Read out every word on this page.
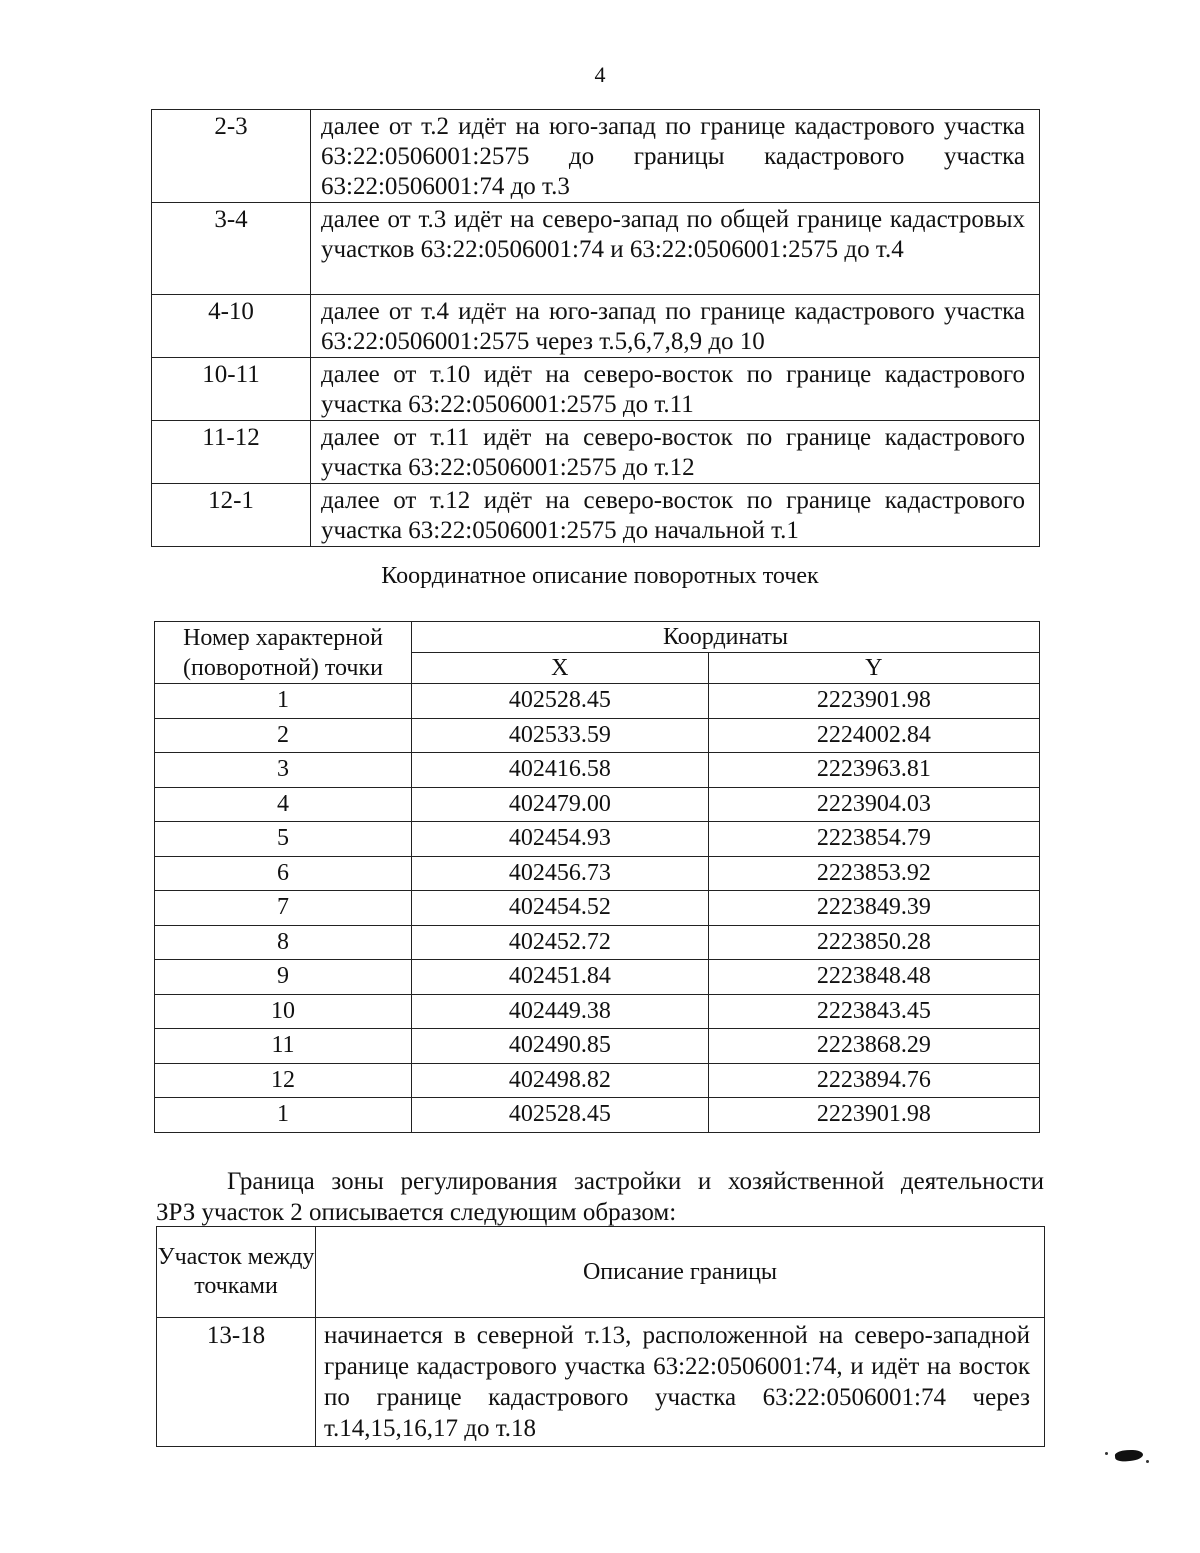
4
2-3	далее от т.2 идёт на юго-запад по границе кадастрового участка 63:22:0506001:2575 до границы кадастрового участка 63:22:0506001:74 до т.3
3-4	далее от т.3 идёт на северо-запад по общей границе кадастровых участков 63:22:0506001:74 и 63:22:0506001:2575 до т.4
4-10	далее от т.4 идёт на юго-запад по границе кадастрового участка 63:22:0506001:2575 через т.5,6,7,8,9 до 10
10-11	далее от т.10 идёт на северо-восток по границе кадастрового участка 63:22:0506001:2575 до т.11
11-12	далее от т.11 идёт на северо-восток по границе кадастрового участка 63:22:0506001:2575 до т.12
12-1	далее от т.12 идёт на северо-восток по границе кадастрового участка 63:22:0506001:2575 до начальной т.1
Координатное описание поворотных точек
Номер характерной (поворотной) точки	Координаты	
	X	Y
1	402528.45	2223901.98
2	402533.59	2224002.84
3	402416.58	2223963.81
4	402479.00	2223904.03
5	402454.93	2223854.79
6	402456.73	2223853.92
7	402454.52	2223849.39
8	402452.72	2223850.28
9	402451.84	2223848.48
10	402449.38	2223843.45
11	402490.85	2223868.29
12	402498.82	2223894.76
1	402528.45	2223901.98
Граница зоны регулирования застройки и хозяйственной деятельности
ЗРЗ участок 2 описывается следующим образом:
Участок между точками	Описание границы
13-18	начинается в северной т.13, расположенной на северо-западной границе кадастрового участка 63:22:0506001:74, и идёт на восток по границе кадастрового участка 63:22:0506001:74 через т.14,15,16,17 до т.18
